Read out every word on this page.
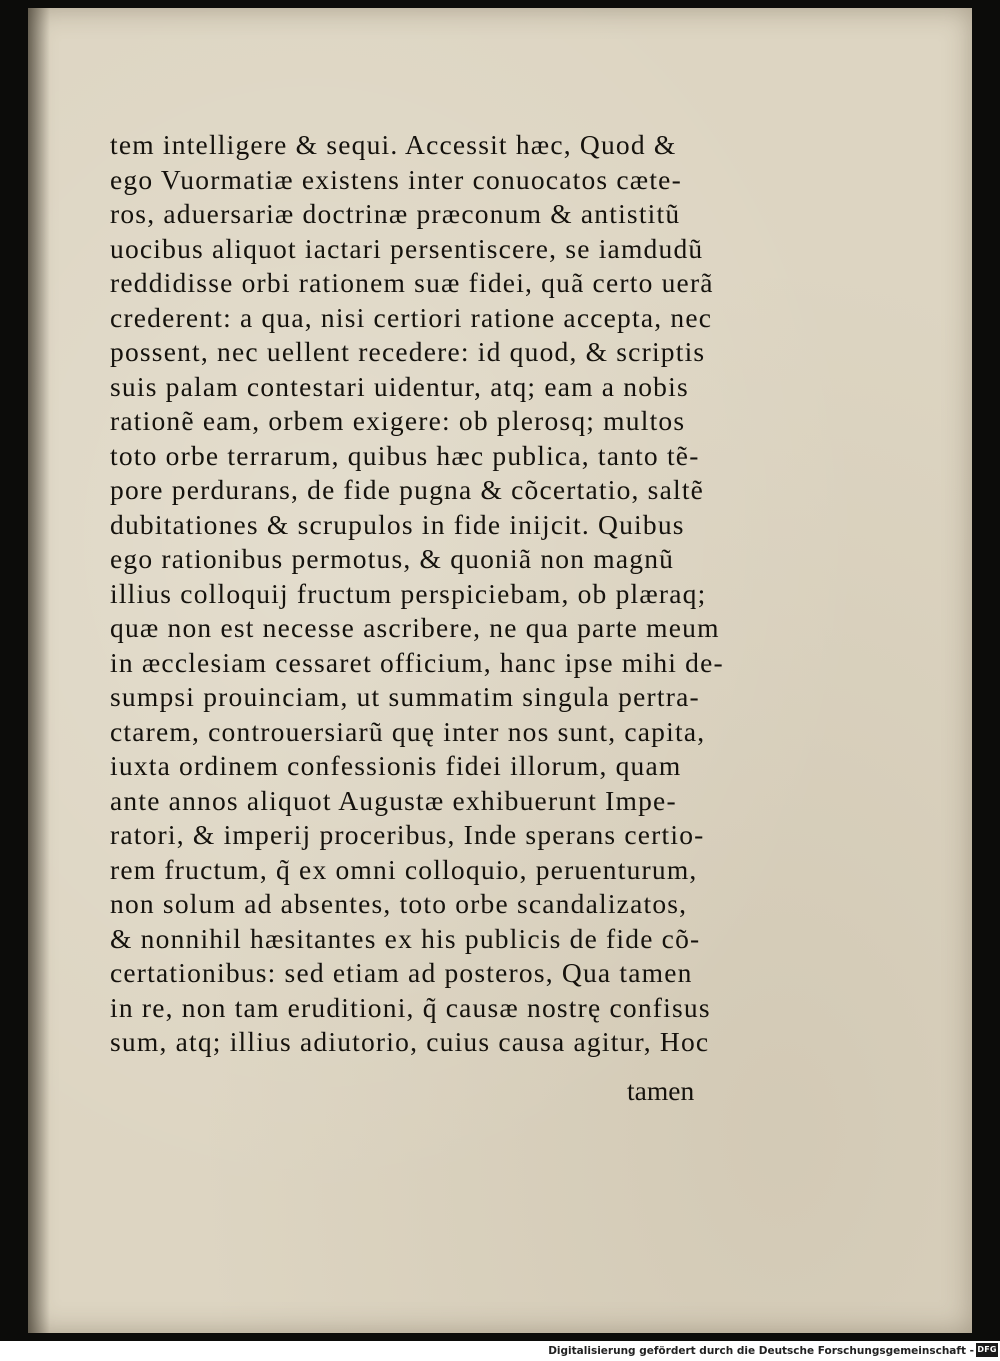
tem intelligere & sequi. Accessit hæc, Quod &
ego Vuormatiæ existens inter conuocatos cæte-
ros, aduersariæ doctrinæ præconum & antistitũ
uocibus aliquot iactari persentiscere, se iamdudũ
reddidisse orbi rationem suæ fidei, quã certo uerã
crederent: a qua, nisi certiori ratione accepta, nec
possent, nec uellent recedere: id quod, & scriptis
suis palam contestari uidentur, atq; eam a nobis
rationẽ eam, orbem exigere: ob plerosq; multos
toto orbe terrarum, quibus hæc publica, tanto tẽ-
pore perdurans, de fide pugna & cõcertatio, saltẽ
dubitationes & scrupulos in fide inijcit. Quibus
ego rationibus permotus, & quoniã non magnũ
illius colloquij fructum perspiciebam, ob plæraq;
quæ non est necesse ascribere, ne qua parte meum
in æcclesiam cessaret officium, hanc ipse mihi de-
sumpsi prouinciam, ut summatim singula pertra-
ctarem, controuersiarũ quę inter nos sunt, capita,
iuxta ordinem confessionis fidei illorum, quam
ante annos aliquot Augustæ exhibuerunt Impe-
ratori, & imperij proceribus, Inde sperans certio-
rem fructum, q̃ ex omni colloquio, peruenturum,
non solum ad absentes, toto orbe scandalizatos,
& nonnihil hæsitantes ex his publicis de fide cõ-
certationibus: sed etiam ad posteros, Qua tamen
in re, non tam eruditioni, q̃ causæ nostrę confisus
sum, atq; illius adiutorio, cuius causa agitur, Hoc
tamen
Digitalisierung gefördert durch die Deutsche Forschungsgemeinschaft - DFG
